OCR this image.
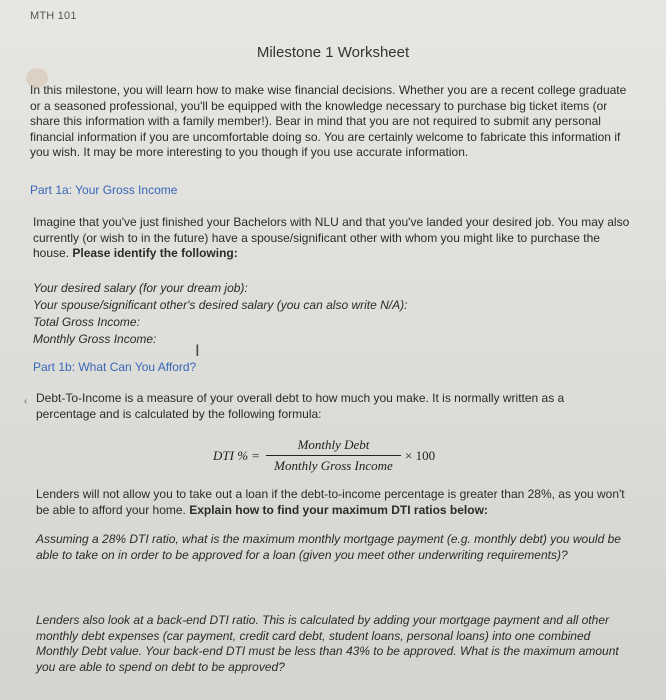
MTH 101
Milestone 1 Worksheet
In this milestone, you will learn how to make wise financial decisions. Whether you are a recent college graduate or a seasoned professional, you'll be equipped with the knowledge necessary to purchase big ticket items (or share this information with a family member!). Bear in mind that you are not required to submit any personal financial information if you are uncomfortable doing so. You are certainly welcome to fabricate this information if you wish. It may be more interesting to you though if you use accurate information.
Part 1a: Your Gross Income
Imagine that you've just finished your Bachelors with NLU and that you've landed your desired job. You may also currently (or wish to in the future) have a spouse/significant other with whom you might like to purchase the house. Please identify the following:
Your desired salary (for your dream job):
Your spouse/significant other's desired salary (you can also write N/A):
Total Gross Income:
Monthly Gross Income:
I
Part 1b: What Can You Afford?
‹ Debt-To-Income is a measure of your overall debt to how much you make. It is normally written as a percentage and is calculated by the following formula:
DTI % =
Monthly Debt
Monthly Gross Income
× 100
Lenders will not allow you to take out a loan if the debt-to-income percentage is greater than 28%, as you won't be able to afford your home. Explain how to find your maximum DTI ratios below:
Assuming a 28% DTI ratio, what is the maximum monthly mortgage payment (e.g. monthly debt) you would be able to take on in order to be approved for a loan (given you meet other underwriting requirements)?
Lenders also look at a back-end DTI ratio. This is calculated by adding your mortgage payment and all other monthly debt expenses (car payment, credit card debt, student loans, personal loans) into one combined Monthly Debt value. Your back-end DTI must be less than 43% to be approved. What is the maximum amount you are able to spend on debt to be approved?
